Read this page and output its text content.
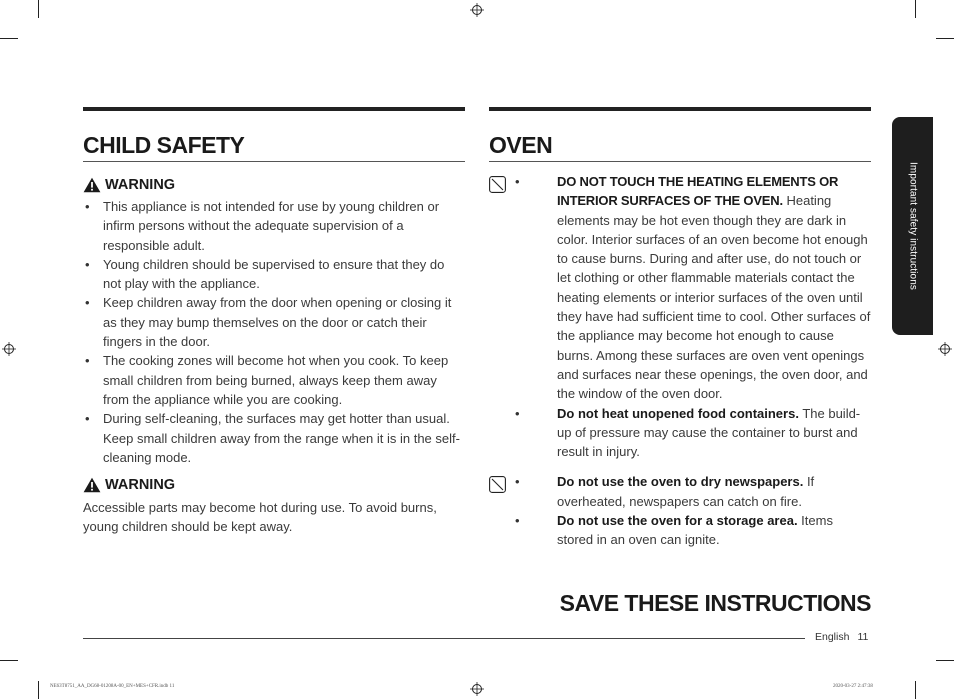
CHILD SAFETY
WARNING
• This appliance is not intended for use by young children or infirm persons without the adequate supervision of a responsible adult.
• Young children should be supervised to ensure that they do not play with the appliance.
• Keep children away from the door when opening or closing it as they may bump themselves on the door or catch their fingers in the door.
• The cooking zones will become hot when you cook. To keep small children from being burned, always keep them away from the appliance while you are cooking.
• During self-cleaning, the surfaces may get hotter than usual. Keep small children away from the range when it is in the self-cleaning mode.
WARNING

Accessible parts may become hot during use. To avoid burns, young children should be kept away.

OVEN
• DO NOT TOUCH THE HEATING ELEMENTS OR INTERIOR SURFACES OF THE OVEN. Heating elements may be hot even though they are dark in color. Interior surfaces of an oven become hot enough to cause burns. During and after use, do not touch or let clothing or other flammable materials contact the heating elements or interior surfaces of the oven until they have had sufficient time to cool. Other surfaces of the appliance may become hot enough to cause burns. Among these surfaces are oven vent openings and surfaces near these openings, the oven door, and the window of the oven door.
• Do not heat unopened food containers. The build-up of pressure may cause the container to burst and result in injury.
• Do not use the oven to dry newspapers. If overheated, newspapers can catch on fire.
• Do not use the oven for a storage area. Items stored in an oven can ignite.
Important safety instructions
SAVE THESE INSTRUCTIONS
English 11
NE63T8751_AA_DG68-01208A-00_EN+MES+CFR.indb 11	2020-03-27 2:47:38
